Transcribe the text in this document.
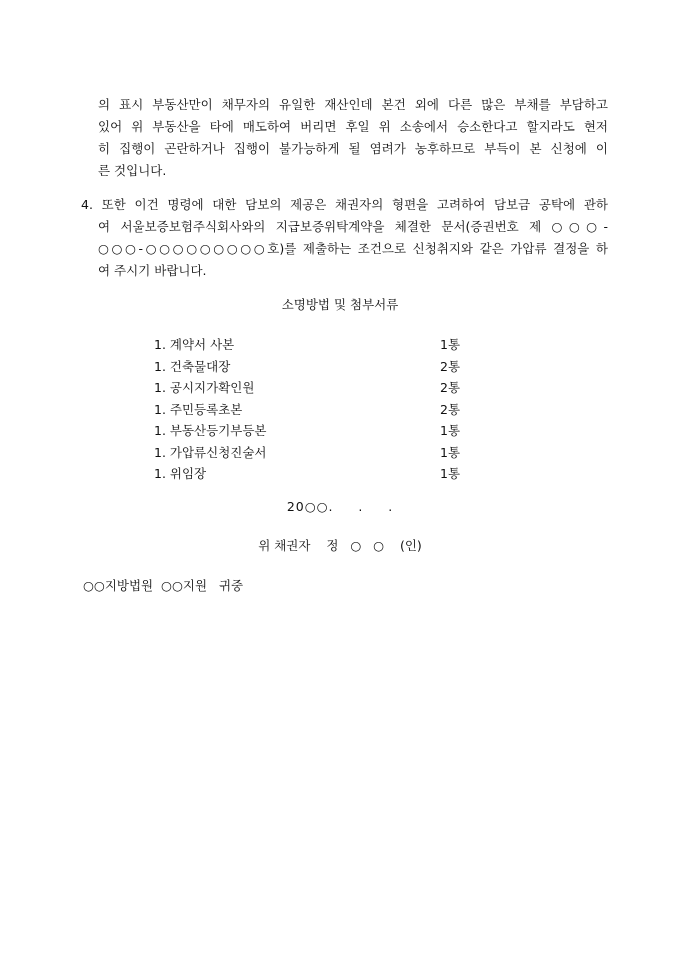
의 표시 부동산만이 채무자의 유일한 재산인데 본건 외에 다른 많은 부채를 부담하고
있어 위 부동산을 타에 매도하여 버리면 후일 위 소송에서 승소한다고 할지라도 현저
히 집행이 곤란하거나 집행이 불가능하게 될 염려가 농후하므로 부득이 본 신청에 이
른 것입니다.
4. 또한 이건 명령에 대한 담보의 제공은 채권자의 형편을 고려하여 담보금 공탁에 관하
여 서울보증보험주식회사와의 지급보증위탁계약을 체결한 문서(증권번호 제 ○○○-
○○○-○○○○○○○○○호)를 제출하는 조건으로 신청취지와 같은 가압류 결정을 하
여 주시기 바랍니다.
소명방법 및 첨부서류
1. 계약서 사본	1통
1. 건축물대장	2통
1. 공시지가확인원	2통
1. 주민등록초본	2통
1. 부동산등기부등본	1통
1. 가압류신청진술서	1통
1. 위임장	1통
20○○.     .     .
위 채권자    정   ○   ○    (인)
○○지방법원  ○○지원   귀중
